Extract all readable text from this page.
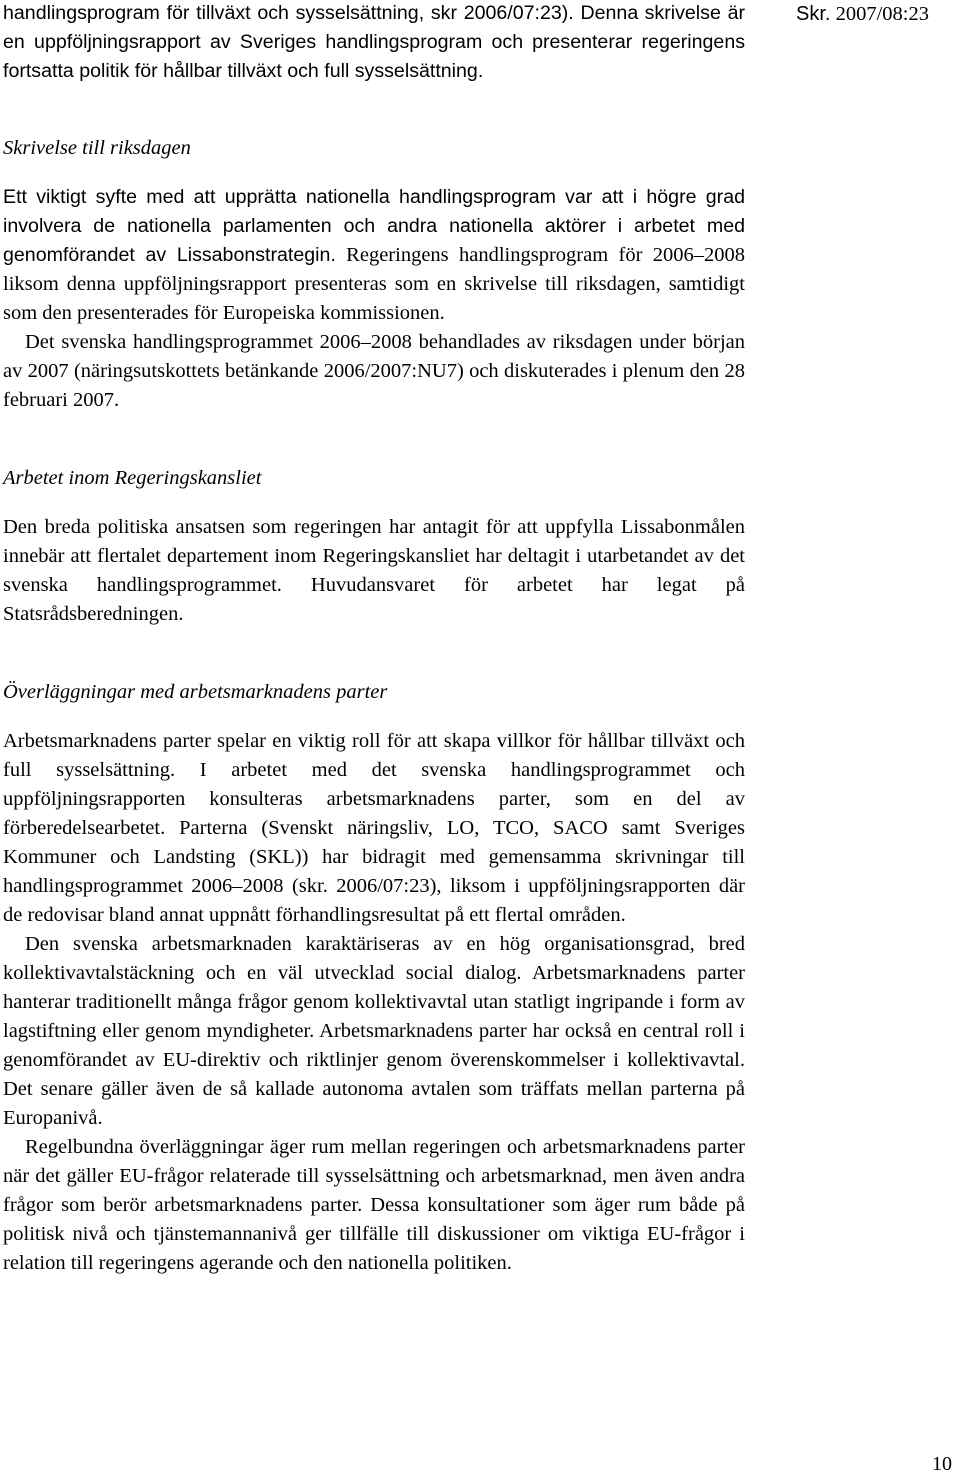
Skr. 2007/08:23

handlingsprogram för tillväxt och sysselsättning, skr 2006/07:23). Denna skrivelse är en uppföljningsrapport av Sveriges handlingsprogram och presenterar regeringens fortsatta politik för hållbar tillväxt och full sysselsättning.

Skrivelse till riksdagen

Ett viktigt syfte med att upprätta nationella handlingsprogram var att i högre grad involvera de nationella parlamenten och andra nationella aktörer i arbetet med genomförandet av Lissabonstrategin. Regeringens handlingsprogram för 2006–2008 liksom denna uppföljningsrapport presenteras som en skrivelse till riksdagen, samtidigt som den presenterades för Europeiska kommissionen.

Det svenska handlingsprogrammet 2006–2008 behandlades av riksdagen under början av 2007 (näringsutskottets betänkande 2006/2007:NU7) och diskuterades i plenum den 28 februari 2007.

Arbetet inom Regeringskansliet

Den breda politiska ansatsen som regeringen har antagit för att uppfylla Lissabonmålen innebär att flertalet departement inom Regeringskansliet har deltagit i utarbetandet av det svenska handlingsprogrammet. Huvudansvaret för arbetet har legat på Statsrådsberedningen.

Överläggningar med arbetsmarknadens parter

Arbetsmarknadens parter spelar en viktig roll för att skapa villkor för hållbar tillväxt och full sysselsättning. I arbetet med det svenska handlingsprogrammet och uppföljningsrapporten konsulteras arbetsmarknadens parter, som en del av förberedelsearbetet. Parterna (Svenskt näringsliv, LO, TCO, SACO samt Sveriges Kommuner och Landsting (SKL)) har bidragit med gemensamma skrivningar till handlingsprogrammet 2006–2008 (skr. 2006/07:23), liksom i uppföljningsrapporten där de redovisar bland annat uppnått förhandlingsresultat på ett flertal områden.

Den svenska arbetsmarknaden karaktäriseras av en hög organisationsgrad, bred kollektivavtalstäckning och en väl utvecklad social dialog. Arbetsmarknadens parter hanterar traditionellt många frågor genom kollektivavtal utan statligt ingripande i form av lagstiftning eller genom myndigheter. Arbetsmarknadens parter har också en central roll i genomförandet av EU-direktiv och riktlinjer genom överenskommelser i kollektivavtal. Det senare gäller även de så kallade autonoma avtalen som träffats mellan parterna på Europanivå.

Regelbundna överläggningar äger rum mellan regeringen och arbetsmarknadens parter när det gäller EU-frågor relaterade till sysselsättning och arbetsmarknad, men även andra frågor som berör arbetsmarknadens parter. Dessa konsultationer som äger rum både på politisk nivå och tjänstemannanivå ger tillfälle till diskussioner om viktiga EU-frågor i relation till regeringens agerande och den nationella politiken.

10
